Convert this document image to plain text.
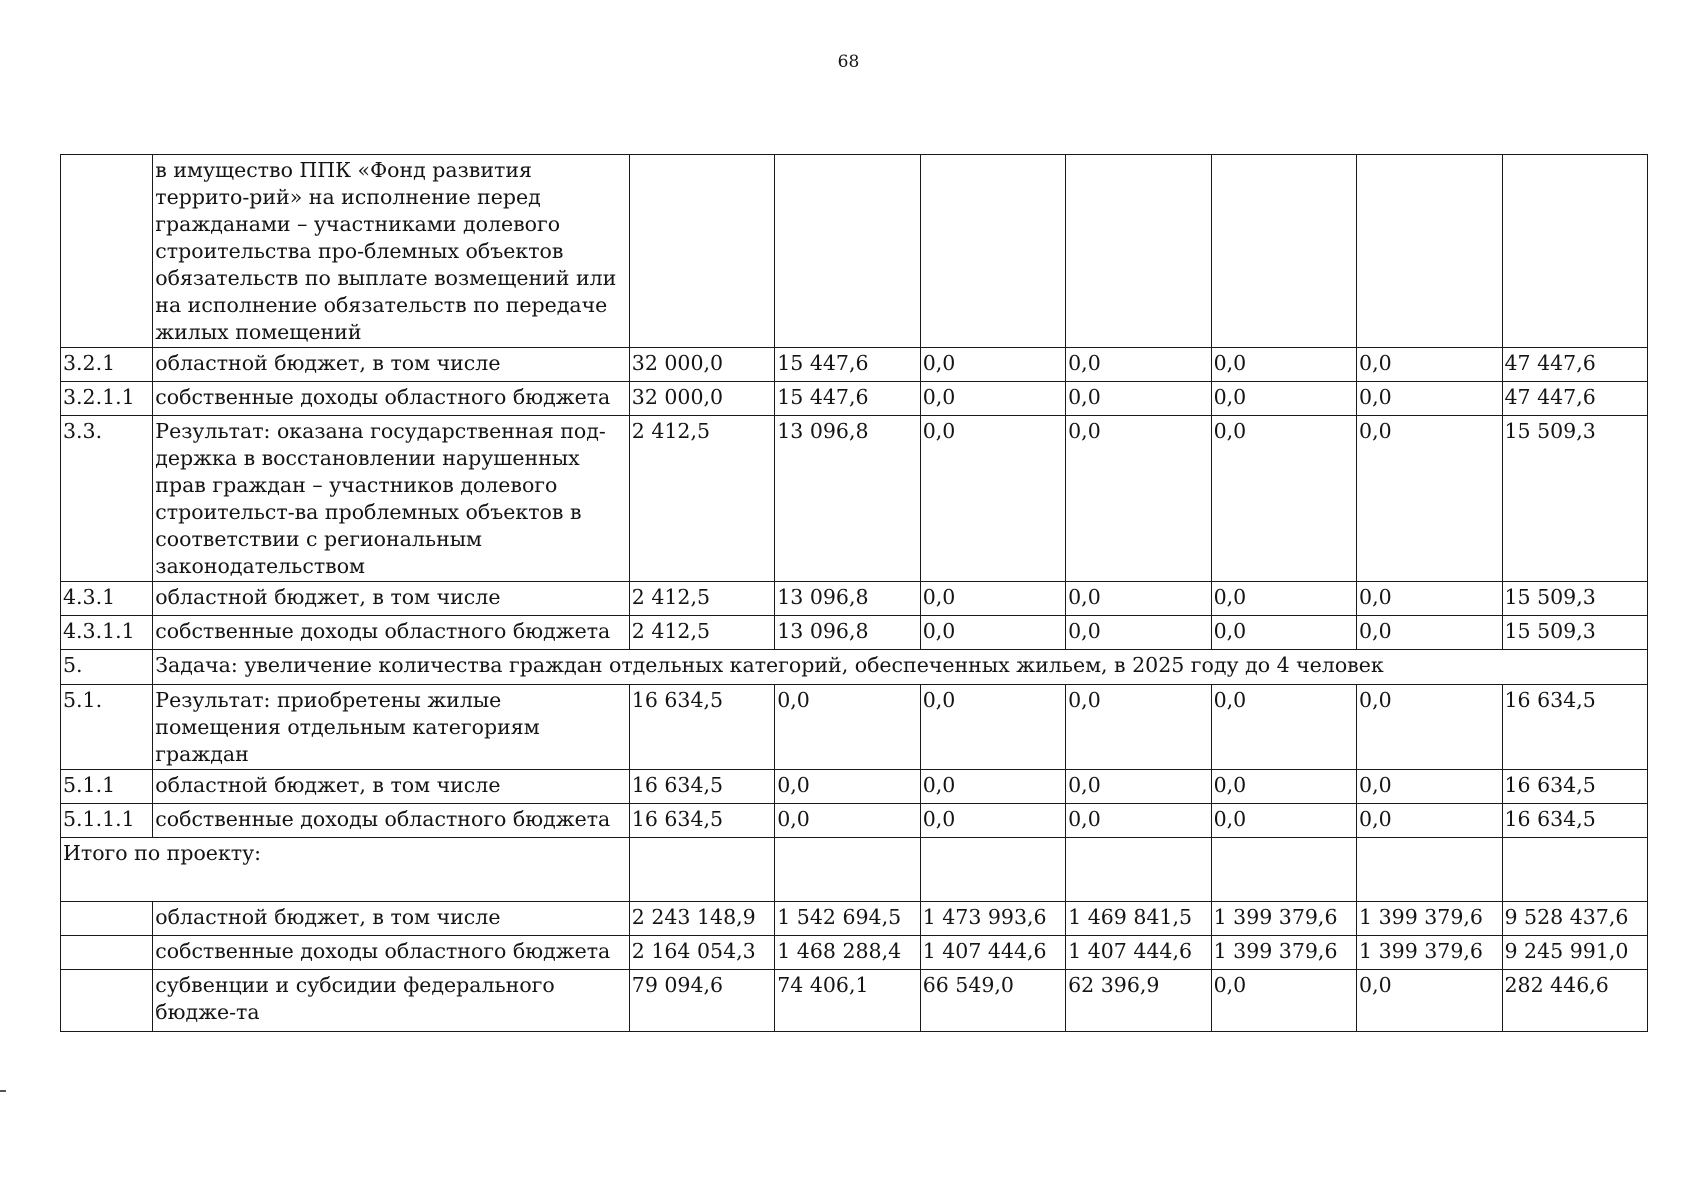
68
	в имущество ППК «Фонд развития террито-рий» на исполнение перед гражданами – участниками долевого строительства про-блемных объектов обязательств по выплате возмещений или на исполнение обязательств по передаче жилых помещений							
3.2.1	областной бюджет, в том числе	32 000,0	15 447,6	0,0	0,0	0,0	0,0	47 447,6
3.2.1.1	собственные доходы областного бюджета	32 000,0	15 447,6	0,0	0,0	0,0	0,0	47 447,6
3.3.	Результат: оказана государственная под-держка в восстановлении нарушенных прав граждан – участников долевого строительст-ва проблемных объектов в соответствии с региональным законодательством	2 412,5	13 096,8	0,0	0,0	0,0	0,0	15 509,3
4.3.1	областной бюджет, в том числе	2 412,5	13 096,8	0,0	0,0	0,0	0,0	15 509,3
4.3.1.1	собственные доходы областного бюджета	2 412,5	13 096,8	0,0	0,0	0,0	0,0	15 509,3
5.	Задача: увеличение количества граждан отдельных категорий, обеспеченных жильем, в 2025 году до 4 человек							
5.1.	Результат: приобретены жилые помещения отдельным категориям граждан	16 634,5	0,0	0,0	0,0	0,0	0,0	16 634,5
5.1.1	областной бюджет, в том числе	16 634,5	0,0	0,0	0,0	0,0	0,0	16 634,5
5.1.1.1	собственные доходы областного бюджета	16 634,5	0,0	0,0	0,0	0,0	0,0	16 634,5
Итого по проекту:								
	областной бюджет, в том числе	2 243 148,9	1 542 694,5	1 473 993,6	1 469 841,5	1 399 379,6	1 399 379,6	9 528 437,6
	собственные доходы областного бюджета	2 164 054,3	1 468 288,4	1 407 444,6	1 407 444,6	1 399 379,6	1 399 379,6	9 245 991,0
	субвенции и субсидии федерального бюдже-та	79 094,6	74 406,1	66 549,0	62 396,9	0,0	0,0	282 446,6
